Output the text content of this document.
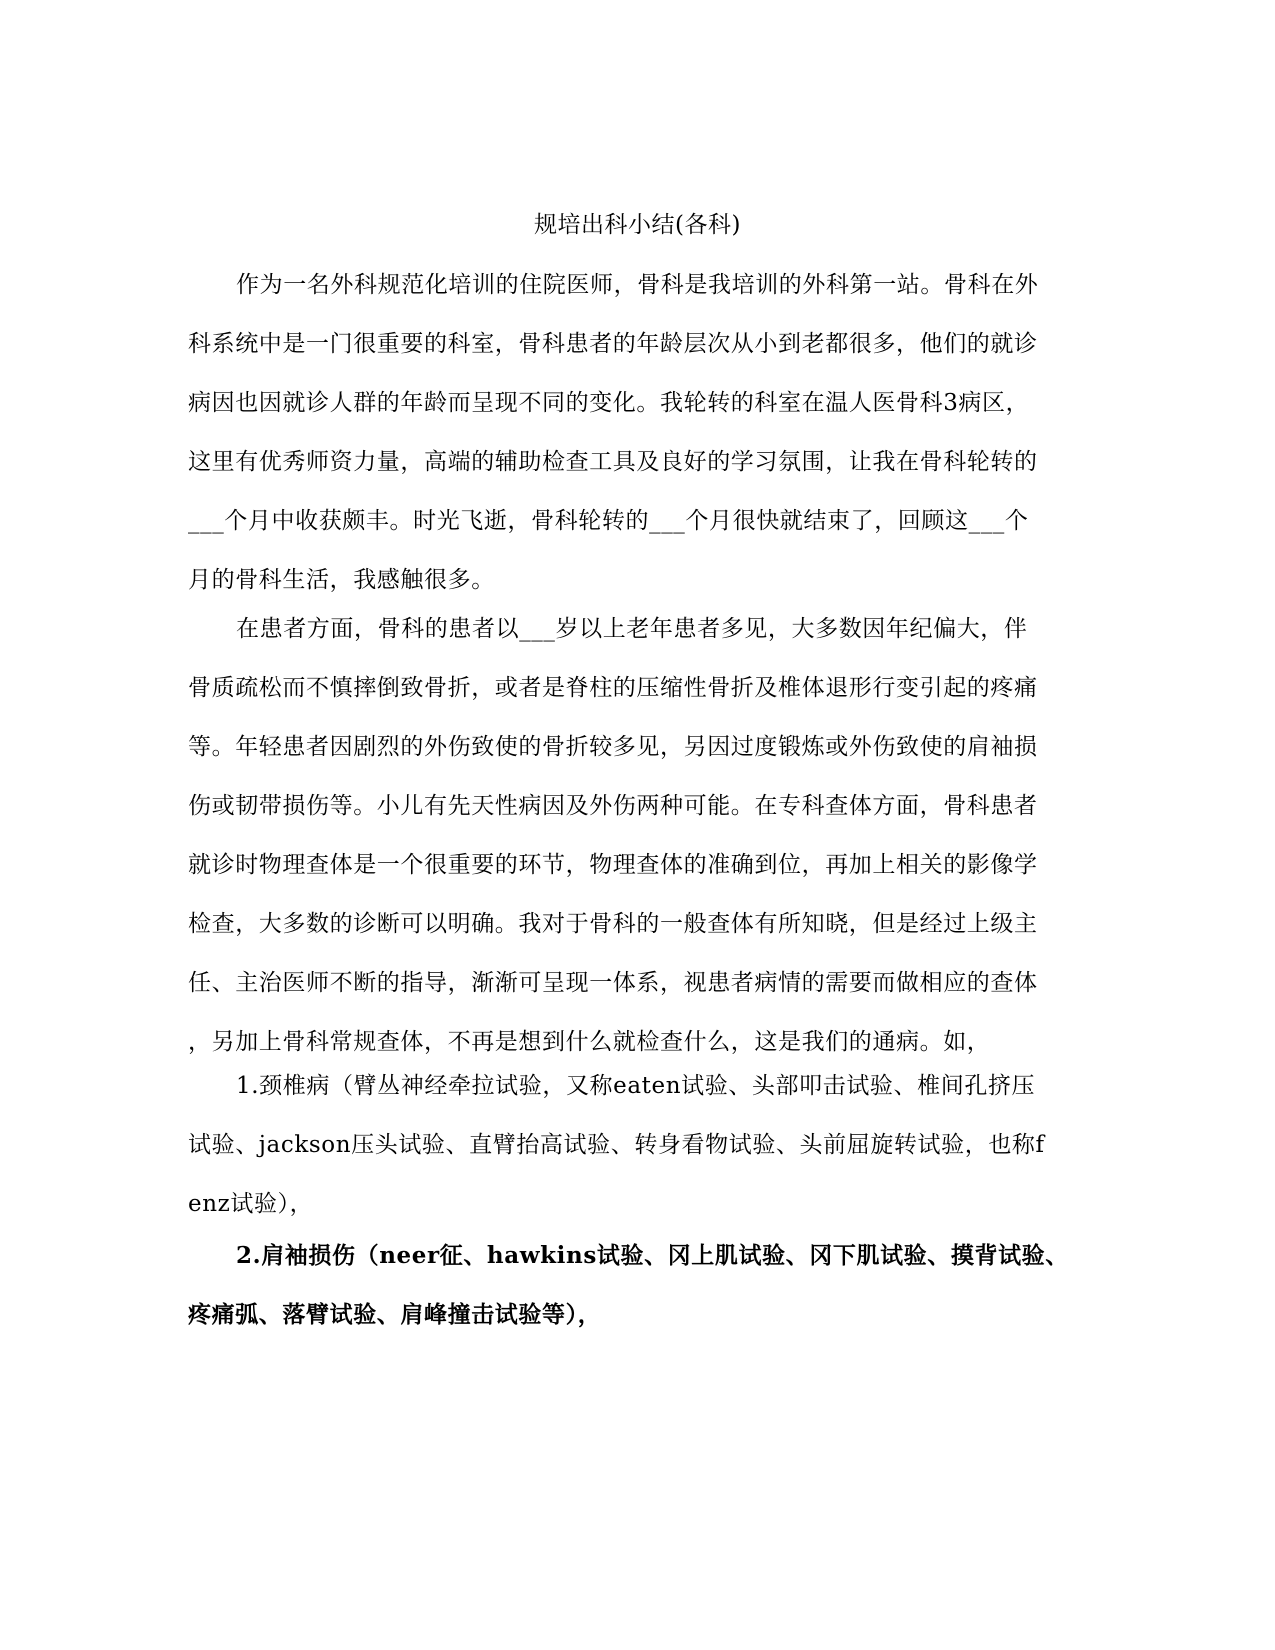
规培出科小结(各科)
作为一名外科规范化培训的住院医师，骨科是我培训的外科第一站。骨科在外
科系统中是一门很重要的科室，骨科患者的年龄层次从小到老都很多，他们的就诊
病因也因就诊人群的年龄而呈现不同的变化。我轮转的科室在温人医骨科3病区，
这里有优秀师资力量，高端的辅助检查工具及良好的学习氛围，让我在骨科轮转的
___个月中收获颇丰。时光飞逝，骨科轮转的___个月很快就结束了，回顾这___个
月的骨科生活，我感触很多。
在患者方面，骨科的患者以___岁以上老年患者多见，大多数因年纪偏大，伴
骨质疏松而不慎摔倒致骨折，或者是脊柱的压缩性骨折及椎体退形行变引起的疼痛
等。年轻患者因剧烈的外伤致使的骨折较多见，另因过度锻炼或外伤致使的肩袖损
伤或韧带损伤等。小儿有先天性病因及外伤两种可能。在专科查体方面，骨科患者
就诊时物理查体是一个很重要的环节，物理查体的准确到位，再加上相关的影像学
检查，大多数的诊断可以明确。我对于骨科的一般查体有所知晓，但是经过上级主
任、主治医师不断的指导，渐渐可呈现一体系，视患者病情的需要而做相应的查体
，另加上骨科常规查体，不再是想到什么就检查什么，这是我们的通病。如，
1.颈椎病（臂丛神经牵拉试验，又称eaten试验、头部叩击试验、椎间孔挤压
试验、jackson压头试验、直臂抬高试验、转身看物试验、头前屈旋转试验，也称f
enz试验），
2.肩袖损伤（neer征、hawkins试验、冈上肌试验、冈下肌试验、摸背试验、
疼痛弧、落臂试验、肩峰撞击试验等），
